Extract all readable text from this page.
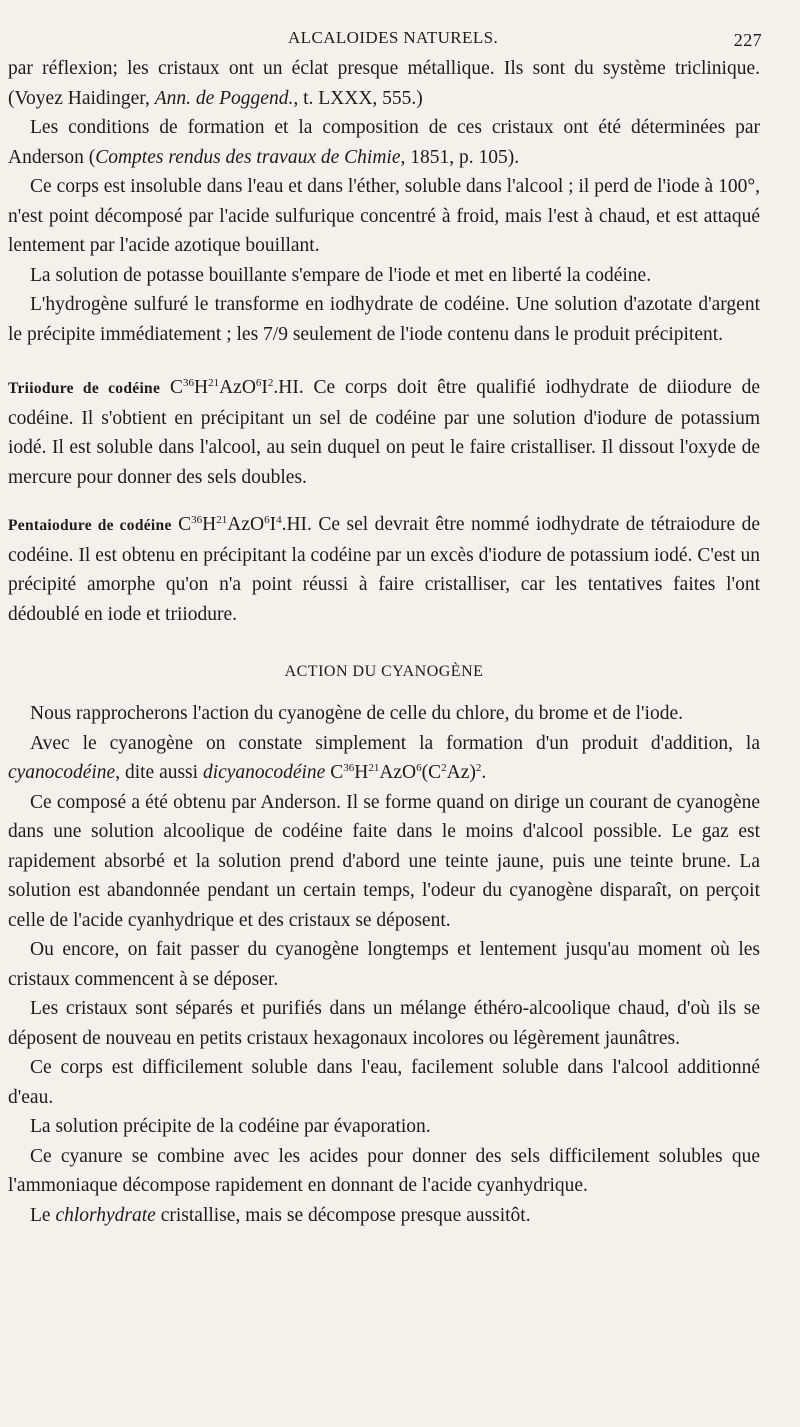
ALCALOIDES NATURELS.	227

par réflexion; les cristaux ont un éclat presque métallique. Ils sont du système triclinique. (Voyez Haidinger, Ann. de Poggend., t. LXXX, 555.)

Les conditions de formation et la composition de ces cristaux ont été déterminées par Anderson (Comptes rendus des travaux de Chimie, 1851, p. 105).

Ce corps est insoluble dans l'eau et dans l'éther, soluble dans l'alcool ; il perd de l'iode à 100°, n'est point décomposé par l'acide sulfurique concentré à froid, mais l'est à chaud, et est attaqué lentement par l'acide azotique bouillant.

La solution de potasse bouillante s'empare de l'iode et met en liberté la codéine.

L'hydrogène sulfuré le transforme en iodhydrate de codéine. Une solution d'azotate d'argent le précipite immédiatement ; les 7/9 seulement de l'iode contenu dans le produit précipitent.

Triiodure de codéine $C^{36}H^{21}AzO^6I^2.HI$. Ce corps doit être qualifié iodhydrate de diiodure de codéine. Il s'obtient en précipitant un sel de codéine par une solution d'iodure de potassium iodé. Il est soluble dans l'alcool, au sein duquel on peut le faire cristalliser. Il dissout l'oxyde de mercure pour donner des sels doubles.

Pentaiodure de codéine $C^{36}H^{21}AzO^6I^4.HI$. Ce sel devrait être nommé iodhydrate de tétraiodure de codéine. Il est obtenu en précipitant la codéine par un excès d'iodure de potassium iodé. C'est un précipité amorphe qu'on n'a point réussi à faire cristalliser, car les tentatives faites l'ont dédoublé en iode et triiodure.

ACTION DU CYANOGÈNE

Nous rapprocherons l'action du cyanogène de celle du chlore, du brome et de l'iode.

Avec le cyanogène on constate simplement la formation d'un produit d'addition, la cyanocodéine, dite aussi dicyanocodéine $C^{36}H^{21}AzO^6(C^2Az)^2$.

Ce composé a été obtenu par Anderson. Il se forme quand on dirige un courant de cyanogène dans une solution alcoolique de codéine faite dans le moins d'alcool possible. Le gaz est rapidement absorbé et la solution prend d'abord une teinte jaune, puis une teinte brune. La solution est abandonnée pendant un certain temps, l'odeur du cyanogène disparaît, on perçoit celle de l'acide cyanhydrique et des cristaux se déposent.

Ou encore, on fait passer du cyanogène longtemps et lentement jusqu'au moment où les cristaux commencent à se déposer.

Les cristaux sont séparés et purifiés dans un mélange éthéro-alcoolique chaud, d'où ils se déposent de nouveau en petits cristaux hexagonaux incolores ou légèrement jaunâtres.

Ce corps est difficilement soluble dans l'eau, facilement soluble dans l'alcool additionné d'eau.

La solution précipite de la codéine par évaporation.

Ce cyanure se combine avec les acides pour donner des sels difficilement solubles que l'ammoniaque décompose rapidement en donnant de l'acide cyanhydrique.

Le chlorhydrate cristallise, mais se décompose presque aussitôt.
